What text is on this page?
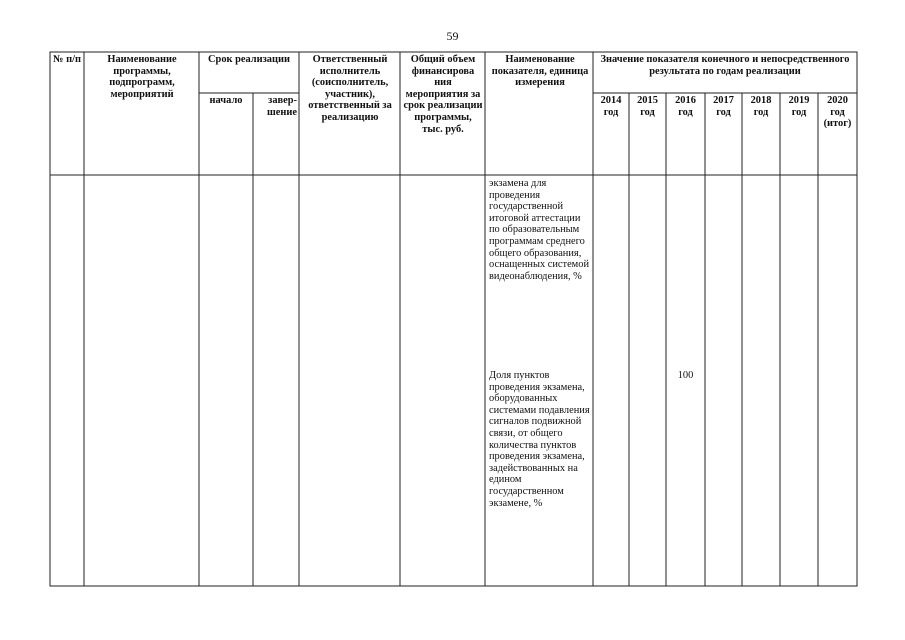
59
№ п/п	Наименование программы, подпрограмм, мероприятий
Срок реализации
начало	завер-шение
Ответственный исполнитель (соисполнитель, участник), ответственный за реализацию
Общий объем финансирова ния мероприятия за срок реализации программы, тыс. руб.
Наименование показателя, единица измерения
Значение показателя конечного и непосредственного результата по годам реализации
2014 год
2015 год
2016 год
2017 год
2018 год
2019 год
2020 год (итог)
экзамена для проведения государственной итоговой аттестации по образовательным программам среднего общего образования, оснащенных системой видеонаблюдения, %
Доля пунктов проведения экзамена, оборудованных системами подавления сигналов подвижной связи, от общего количества пунктов проведения экзамена, задействованных на едином государственном экзамене, %
100
